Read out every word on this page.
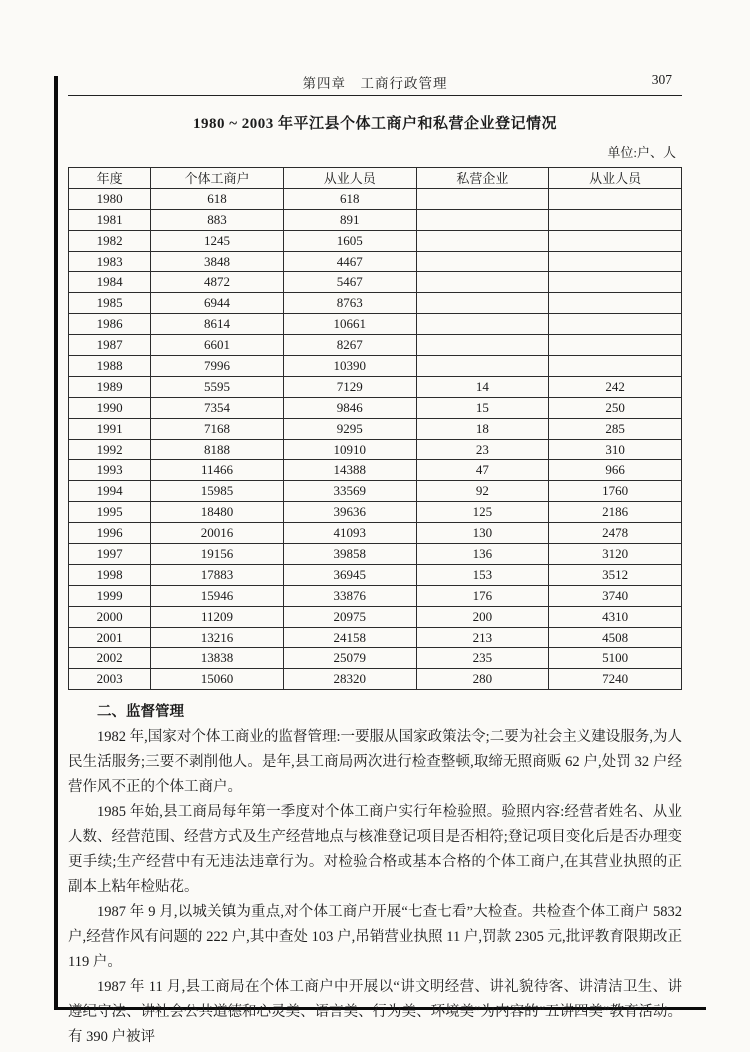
第四章　工商行政管理	307
1980 ~ 2003 年平江县个体工商户和私营企业登记情况
单位:户、人
年度	个体工商户	从业人员	私营企业	从业人员
1980	618	618		
1981	883	891		
1982	1245	1605		
1983	3848	4467		
1984	4872	5467		
1985	6944	8763		
1986	8614	10661		
1987	6601	8267		
1988	7996	10390		
1989	5595	7129	14	242
1990	7354	9846	15	250
1991	7168	9295	18	285
1992	8188	10910	23	310
1993	11466	14388	47	966
1994	15985	33569	92	1760
1995	18480	39636	125	2186
1996	20016	41093	130	2478
1997	19156	39858	136	3120
1998	17883	36945	153	3512
1999	15946	33876	176	3740
2000	11209	20975	200	4310
2001	13216	24158	213	4508
2002	13838	25079	235	5100
2003	15060	28320	280	7240
二、监督管理

1982 年,国家对个体工商业的监督管理:一要服从国家政策法令;二要为社会主义建设服务,为人民生活服务;三要不剥削他人。是年,县工商局两次进行检查整顿,取缔无照商贩 62 户,处罚 32 户经营作风不正的个体工商户。

1985 年始,县工商局每年第一季度对个体工商户实行年检验照。验照内容:经营者姓名、从业人数、经营范围、经营方式及生产经营地点与核准登记项目是否相符;登记项目变化后是否办理变更手续;生产经营中有无违法违章行为。对检验合格或基本合格的个体工商户,在其营业执照的正副本上粘年检贴花。

1987 年 9 月,以城关镇为重点,对个体工商户开展“七查七看”大检查。共检查个体工商户 5832 户,经营作风有问题的 222 户,其中查处 103 户,吊销营业执照 11 户,罚款 2305 元,批评教育限期改正 119 户。

1987 年 11 月,县工商局在个体工商户中开展以“讲文明经营、讲礼貌待客、讲清洁卫生、讲遵纪守法、讲社会公共道德和心灵美、语言美、行为美、环境美”为内容的“五讲四美”教育活动。有 390 户被评
